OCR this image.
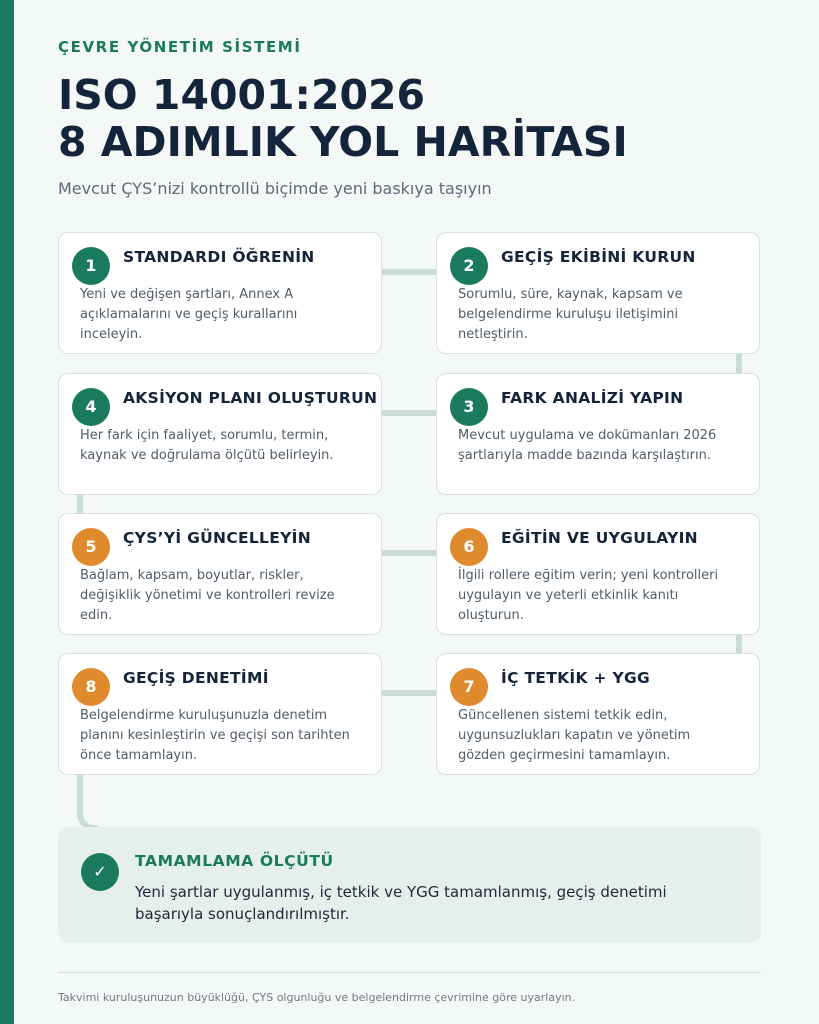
ÇEVRE YÖNETİM SİSTEMİ
ISO 14001:2026
8 ADIMLIK YOL HARİTASI
Mevcut ÇYS’nizi kontrollü biçimde yeni baskıya taşıyın
1	STANDARDI ÖĞRENİN
Yeni ve değişen şartları, Annex A açıklamalarını ve geçiş kurallarını inceleyin.
2	GEÇİŞ EKİBİNİ KURUN
Sorumlu, süre, kaynak, kapsam ve belgelendirme kuruluşu iletişimini netleştirin.
3	FARK ANALİZİ YAPIN
Mevcut uygulama ve dokümanları 2026 şartlarıyla madde bazında karşılaştırın.
4	AKSİYON PLANI OLUŞTURUN
Her fark için faaliyet, sorumlu, termin, kaynak ve doğrulama ölçütü belirleyin.
5	ÇYS’Yİ GÜNCELLEYİN
Bağlam, kapsam, boyutlar, riskler, değişiklik yönetimi ve kontrolleri revize edin.
6	EĞİTİN VE UYGULAYIN
İlgili rollere eğitim verin; yeni kontrolleri uygulayın ve yeterli etkinlik kanıtı oluşturun.
7	İÇ TETKİK + YGG
Güncellenen sistemi tetkik edin, uygunsuzlukları kapatın ve yönetim gözden geçirmesini tamamlayın.
8	GEÇİŞ DENETİMİ
Belgelendirme kuruluşunuzla denetim planını kesinleştirin ve geçişi son tarihten önce tamamlayın.
✓
TAMAMLAMA ÖLÇÜTÜ
Yeni şartlar uygulanmış, iç tetkik ve YGG tamamlanmış, geçiş denetimi başarıyla sonuçlandırılmıştır.
Takvimi kuruluşunuzun büyüklüğü, ÇYS olgunluğu ve belgelendirme çevrimine göre uyarlayın.
